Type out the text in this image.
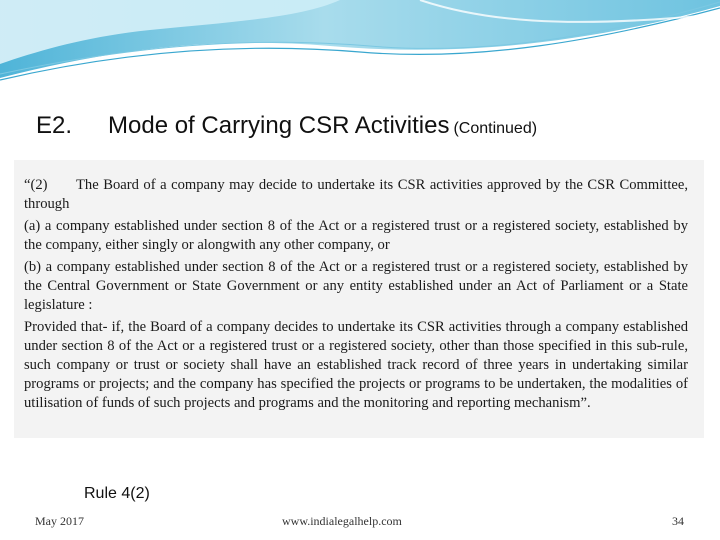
E2. Mode of Carrying CSR Activities (Continued)

“(2) The Board of a company may decide to undertake its CSR activities approved by the CSR Committee, through

(a) a company established under section 8 of the Act or a registered trust or a registered society, established by the company, either singly or alongwith any other company, or

(b) a company established under section 8 of the Act or a registered trust or a registered society, established by the Central Government or State Government or any entity established under an Act of Parliament or a State legislature :

Provided that- if, the Board of a company decides to undertake its CSR activities through a company established under section 8 of the Act or a registered trust or a registered society, other than those specified in this sub-rule, such company or trust or society shall have an established track record of three years in undertaking similar programs or projects; and the company has specified the projects or programs to be undertaken, the modalities of utilisation of funds of such projects and programs and the monitoring and reporting mechanism”.

Rule 4(2)
May 2017	www.indialegalhelp.com	34
